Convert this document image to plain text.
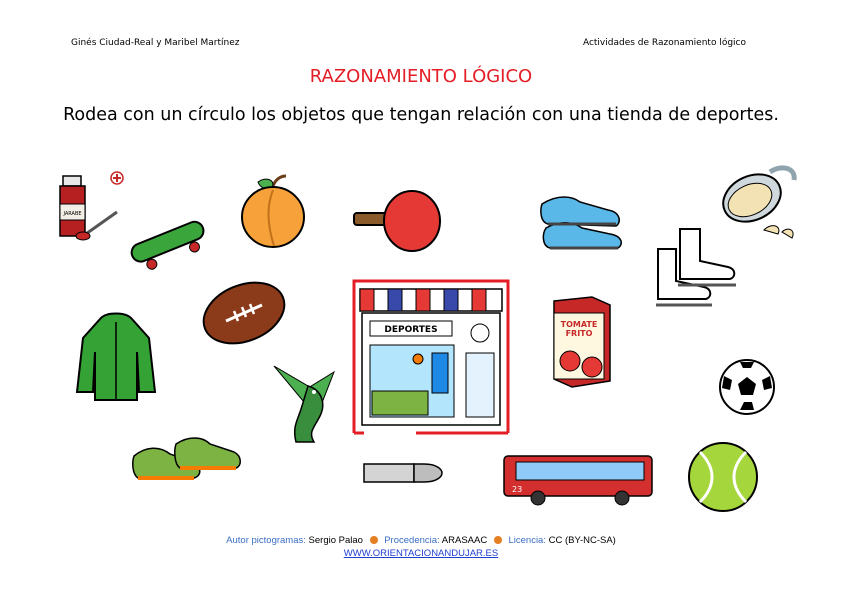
Ginés Ciudad-Real y Maribel Martínez	Actividades de Razonamiento lógico
RAZONAMIENTO LÓGICO
Rodea con un círculo los objetos que tengan relación con una tienda de deportes.
JARABE
DEPORTES
TOMATE
FRITO
23
Autor pictogramas: Sergio Palao Procedencia: ARASAAC Licencia: CC (BY-NC-SA)
WWW.ORIENTACIONANDUJAR.ES
